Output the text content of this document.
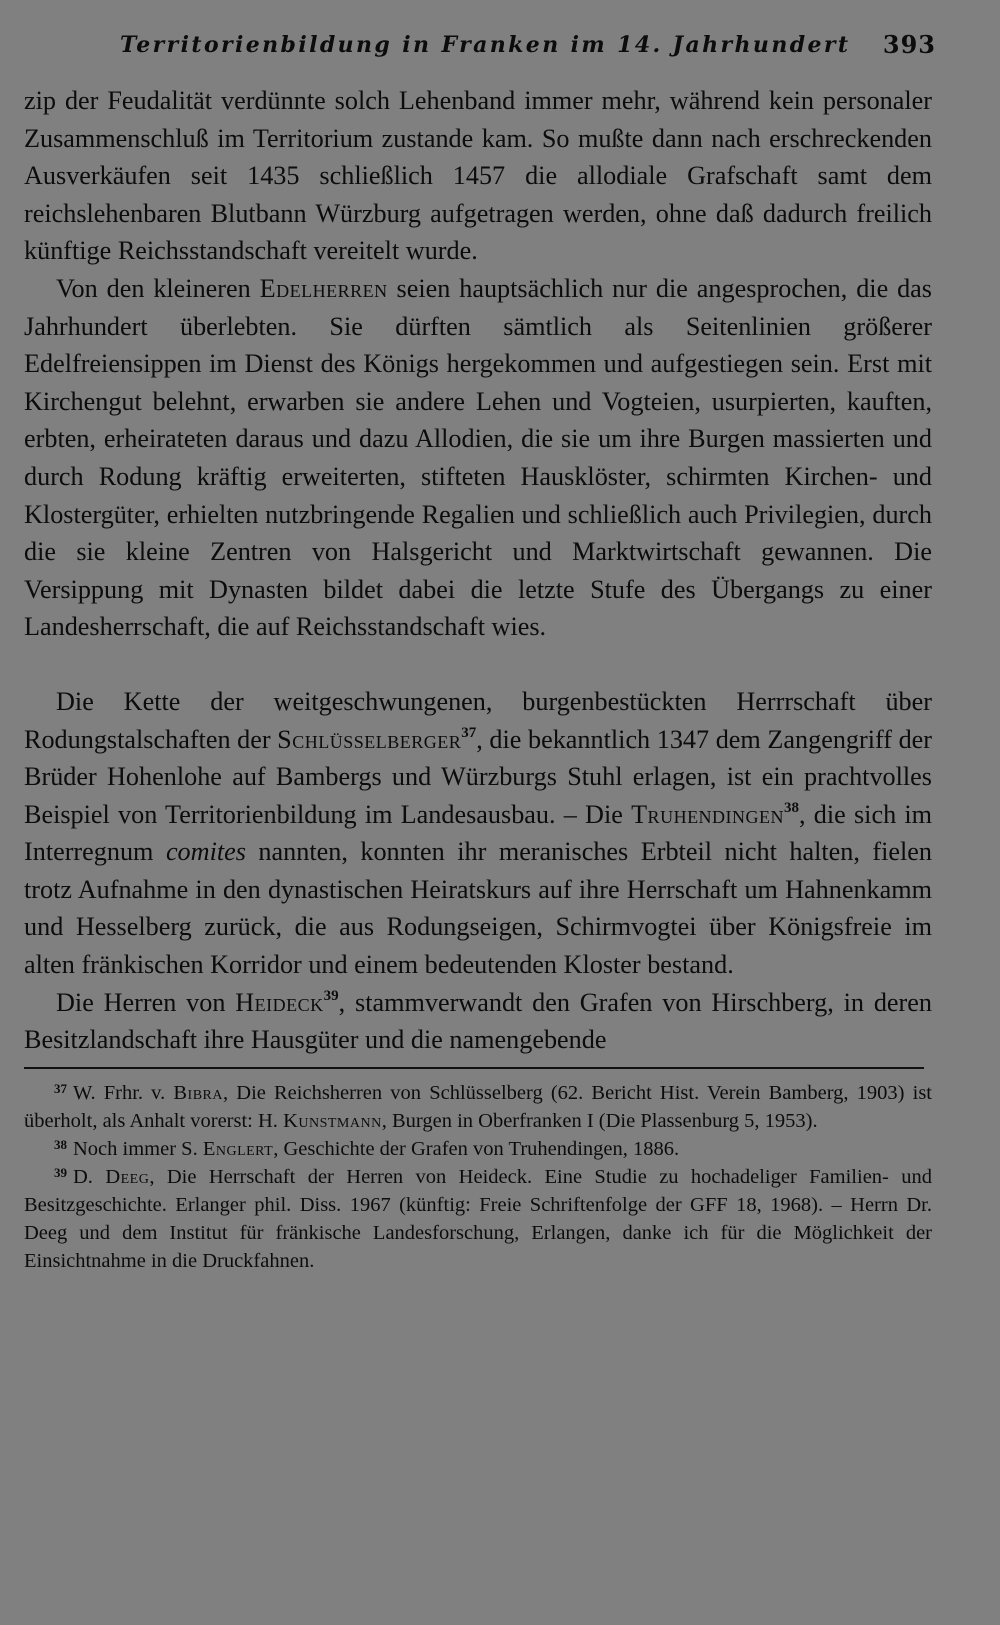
Territorienbildung in Franken im 14. Jahrhundert 393

zip der Feudalität verdünnte solch Lehenband immer mehr, während kein personaler Zusammenschluß im Territorium zustande kam. So mußte dann nach erschreckenden Ausverkäufen seit 1435 schließlich 1457 die allodiale Grafschaft samt dem reichslehenbaren Blutbann Würzburg aufgetragen werden, ohne daß dadurch freilich künftige Reichsstandschaft vereitelt wurde.

Von den kleineren Edelherren seien hauptsächlich nur die angesprochen, die das Jahrhundert überlebten. Sie dürften sämtlich als Seitenlinien größerer Edelfreiensippen im Dienst des Königs hergekommen und aufgestiegen sein. Erst mit Kirchengut belehnt, erwarben sie andere Lehen und Vogteien, usurpierten, kauften, erbten, erheirateten daraus und dazu Allodien, die sie um ihre Burgen massierten und durch Rodung kräftig erweiterten, stifteten Hausklöster, schirmten Kirchen- und Klostergüter, erhielten nutzbringende Regalien und schließlich auch Privilegien, durch die sie kleine Zentren von Halsgericht und Marktwirtschaft gewannen. Die Versippung mit Dynasten bildet dabei die letzte Stufe des Übergangs zu einer Landesherrschaft, die auf Reichsstandschaft wies.

Die Kette der weitgeschwungenen, burgenbestückten Herrrschaft über Rodungstalschaften der Schlüsselberger$^{37}$, die bekanntlich 1347 dem Zangengriff der Brüder Hohenlohe auf Bambergs und Würzburgs Stuhl erlagen, ist ein prachtvolles Beispiel von Territorienbildung im Landesausbau. – Die Truhendingen$^{38}$, die sich im Interregnum comites nannten, konnten ihr meranisches Erbteil nicht halten, fielen trotz Aufnahme in den dynastischen Heiratskurs auf ihre Herrschaft um Hahnenkamm und Hesselberg zurück, die aus Rodungseigen, Schirmvogtei über Königsfreie im alten fränkischen Korridor und einem bedeutenden Kloster bestand.

Die Herren von Heideck$^{39}$, stammverwandt den Grafen von Hirschberg, in deren Besitzlandschaft ihre Hausgüter und die namengebende

$^{37}$ W. Frhr. v. Bibra, Die Reichsherren von Schlüsselberg (62. Bericht Hist. Verein Bamberg, 1903) ist überholt, als Anhalt vorerst: H. Kunstmann, Burgen in Oberfranken I (Die Plassenburg 5, 1953).

$^{38}$ Noch immer S. Englert, Geschichte der Grafen von Truhendingen, 1886.

$^{39}$ D. Deeg, Die Herrschaft der Herren von Heideck. Eine Studie zu hochadeliger Familien- und Besitzgeschichte. Erlanger phil. Diss. 1967 (künftig: Freie Schriftenfolge der GFF 18, 1968). – Herrn Dr. Deeg und dem Institut für fränkische Landesforschung, Erlangen, danke ich für die Möglichkeit der Einsichtnahme in die Druckfahnen.
